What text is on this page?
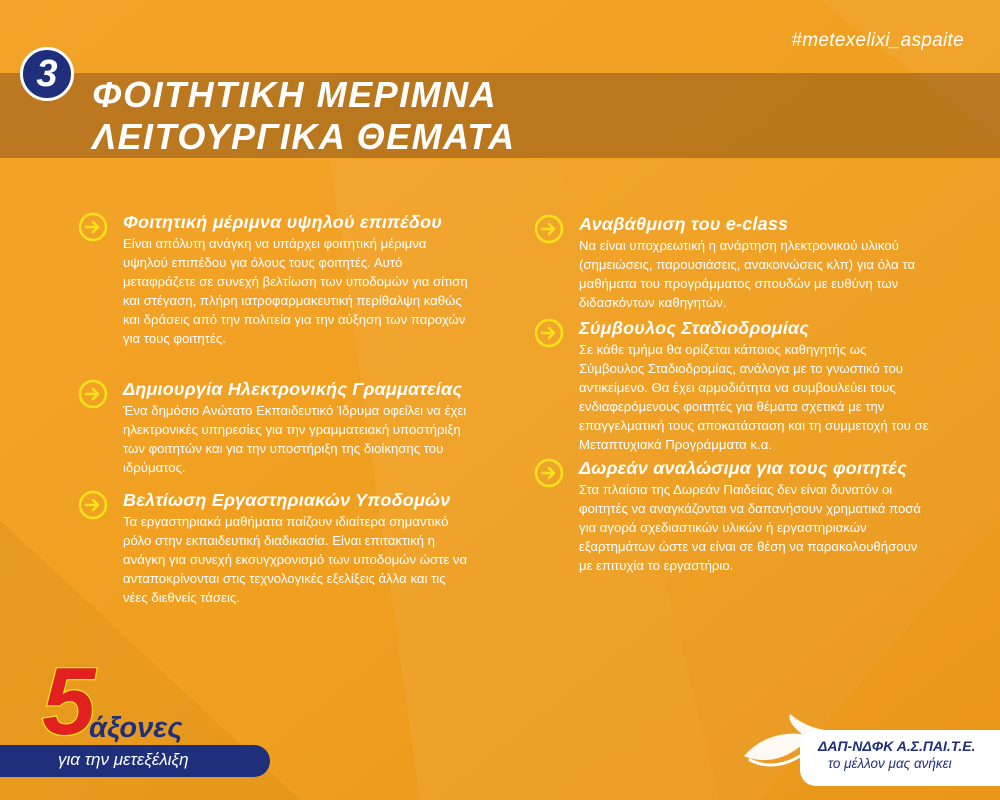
#metexelixi_aspaite
3 ΦΟΙΤΗΤΙΚΗ ΜΕΡΙΜΝΑ
ΛΕΙΤΟΥΡΓΙΚΑ ΘΕΜΑΤΑ
Φοιτητική μέριμνα υψηλού επιπέδου
Είναι απόλυτη ανάγκη να υπάρχει φοιτητική μέριμνα υψηλού επιπέδου για όλους τους φοιτητές. Αυτό μεταφράζετε σε συνεχή βελτίωση των υποδομών για σίτιση και στέγαση, πλήρη ιατροφαρμακευτική περίθαλψη καθώς και δράσεις από την πολιτεία για την αύξηση των παροχών για τους φοιτητές.
Δημιουργία Ηλεκτρονικής Γραμματείας
Ένα δημόσιο Ανώτατο Εκπαιδευτικό Ίδρυμα οφείλει να έχει ηλεκτρονικές υπηρεσίες για την γραμματειακή υποστήριξη των φοιτητών και για την υποστήριξη της διοίκησης του ιδρύματος.
Βελτίωση Εργαστηριακών Υποδομών
Τα εργαστηριακά μαθήματα παίζουν ιδιαίτερα σημαντικό ρόλο στην εκπαιδευτική διαδικασία. Είναι επιτακτική η ανάγκη για συνεχή εκσυγχρονισμό των υποδομών ώστε να ανταποκρίνονται στις τεχνολογικές εξελίξεις άλλα και τις νέες διεθνείς τάσεις.
Αναβάθμιση του e-class
Να είναι υποχρεωτική η ανάρτηση ηλεκτρονικού υλικού (σημειώσεις, παρουσιάσεις, ανακοινώσεις κλπ) για όλα τα μαθήματα του προγράμματος σπουδών με ευθύνη των διδασκόντων καθηγητών.
Σύμβουλος Σταδιοδρομίας
Σε κάθε τμήμα θα ορίζεται κάποιος καθηγητής ως Σύμβουλος Σταδιοδρομίας, ανάλογα με το γνωστικό του αντικείμενο. Θα έχει αρμοδιότητα να συμβουλεύει τους ενδιαφερόμενους φοιτητές για θέματα σχετικά με την επαγγελματική τους αποκατάσταση και τη συμμετοχή του σε Μεταπτυχιακά Προγράμματα κ.α.
Δωρεάν αναλώσιμα για τους φοιτητές
Στα πλαίσια της Δωρεάν Παιδείας δεν είναι δυνατόν οι φοιτητές να αναγκάζονται να δαπανήσουν χρηματικά ποσά για αγορά σχεδιαστικών υλικών ή εργαστηριακών εξαρτημάτων ώστε να είναι σε θέση να παρακολουθήσουν με επιτυχία το εργαστήριο.
5
άξονες
για την μετεξέλιξη
ΔΑΠ-ΝΔΦΚ Α.Σ.ΠΑΙ.Τ.Ε.
το μέλλον μας ανήκει
